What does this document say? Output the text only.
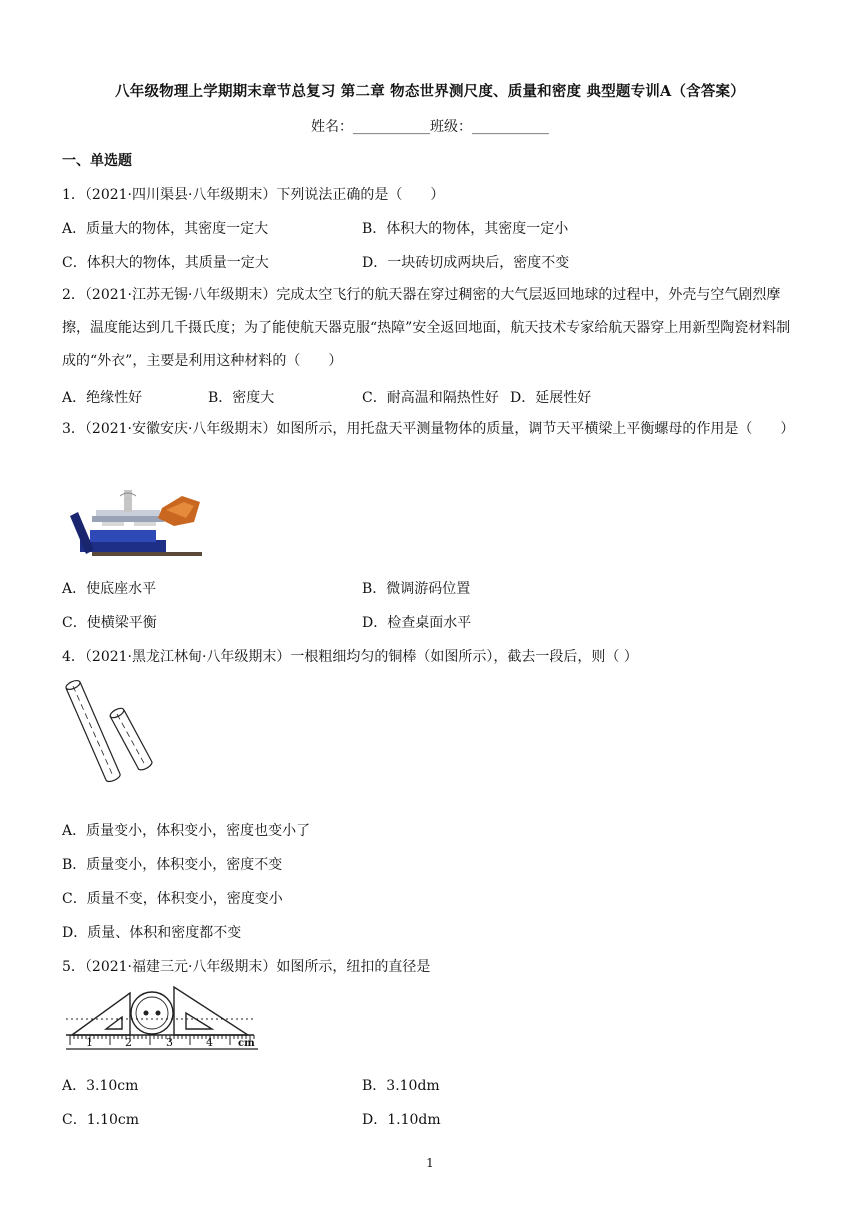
八年级物理上学期期末章节总复习 第二章 物态世界测尺度、质量和密度 典型题专训A（含答案）
姓名：___________班级：___________
一、单选题
1．（2021·四川渠县·八年级期末）下列说法正确的是（　　）
A．质量大的物体，其密度一定大	B．体积大的物体，其密度一定小
C．体积大的物体，其质量一定大	D．一块砖切成两块后，密度不变
2．（2021·江苏无锡·八年级期末）完成太空飞行的航天器在穿过稠密的大气层返回地球的过程中，外壳与空气剧烈摩擦，温度能达到几千摄氏度；为了能使航天器克服“热障”安全返回地面，航天技术专家给航天器穿上用新型陶瓷材料制成的“外衣”，主要是利用这种材料的（　　）
A．绝缘性好	B．密度大	C．耐高温和隔热性好 D．延展性好
3．（2021·安徽安庆·八年级期末）如图所示，用托盘天平测量物体的质量，调节天平横梁上平衡螺母的作用是（　　）
A．使底座水平	B．微调游码位置
C．使横梁平衡	D．检查桌面水平
4．（2021·黑龙江林甸·八年级期末）一根粗细均匀的铜棒（如图所示），截去一段后，则（ ）
A．质量变小，体积变小，密度也变小了
B．质量变小，体积变小，密度不变
C．质量不变，体积变小，密度变小
D．质量、体积和密度都不变
5．（2021·福建三元·八年级期末）如图所示，纽扣的直径是
1	2	3	4	cm
A．3.10cm	B．3.10dm
C．1.10cm	D．1.10dm
1
